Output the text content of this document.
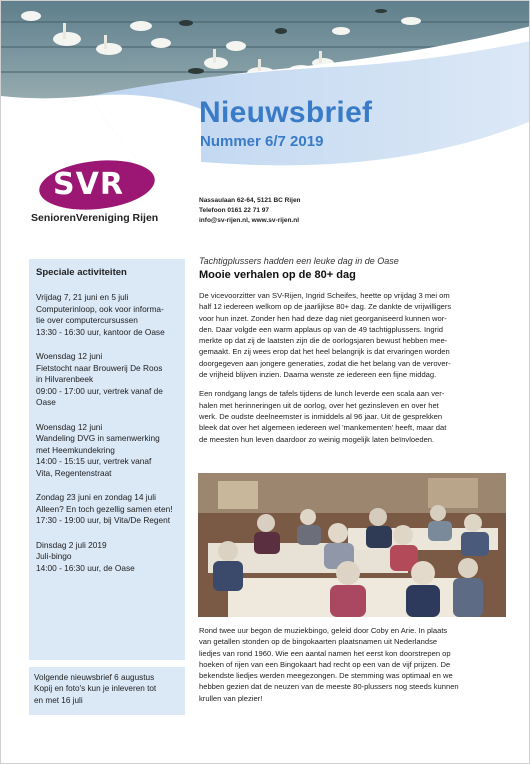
Nieuwsbrief
Nummer 6/7 2019
SVR
SeniorenVereniging Rijen
Nassaulaan 62-64, 5121 BC Rijen
Telefoon 0161 22 71 97
info@sv-rijen.nl, www.sv-rijen.nl
Speciale activiteiten
Vrijdag 7, 21 juni en 5 juli
Computerinloop, ook voor informa-
tie over computercursussen
13:30 - 16:30 uur, kantoor de Oase
Woensdag 12 juni
Fietstocht naar Brouwerij De Roos
in Hilvarenbeek
09:00 - 17:00 uur, vertrek vanaf de
Oase
Woensdag 12 juni
Wandeling DVG in samenwerking
met Heemkundekring
14:00 - 15:15 uur, vertrek vanaf
Vita, Regentenstraat
Zondag 23 juni en zondag 14 juli
Alleen? En toch gezellig samen eten!
17:30 - 19:00 uur, bij Vita/De Regent
Dinsdag 2 juli 2019
Juli-bingo
14:00 - 16:30 uur, de Oase
Volgende nieuwsbrief 6 augustus
Kopij en foto's kun je inleveren tot
en met 16 juli
Tachtigplussers hadden een leuke dag in de Oase
Mooie verhalen op de 80+ dag
De vicevoorzitter van SV-Rijen, Ingrid Scheifes, heette op vrijdag 3 mei om
half 12 iedereen welkom op de jaarlijkse 80+ dag. Ze dankte de vrijwilligers
voor hun inzet. Zonder hen had deze dag niet georganiseerd kunnen wor-
den. Daar volgde een warm applaus op van de 49 tachtigplussers. Ingrid
merkte op dat zij de laatsten zijn die de oorlogsjaren bewust hebben mee-
gemaakt. En zij wees erop dat het heel belangrijk is dat ervaringen worden
doorgegeven aan jongere generaties, zodat die het belang van de verover-
de vrijheid blijven inzien. Daarna wenste ze iedereen een fijne middag.
Een rondgang langs de tafels tijdens de lunch leverde een scala aan ver-
halen met herinneringen uit de oorlog, over het gezinsleven en over het
werk. De oudste deelneemster is inmiddels al 96 jaar. Uit de gesprekken
bleek dat over het algemeen iedereen wel 'mankementen' heeft, maar dat
de meesten hun leven daardoor zo weinig mogelijk laten beïnvloeden.
Rond twee uur begon de muziekbingo, geleid door Coby en Arie. In plaats
van getallen stonden op de bingokaarten plaatsnamen uit Nederlandse
liedjes van rond 1960. Wie een aantal namen het eerst kon doorstrepen op
hoeken of rijen van een Bingokaart had recht op een van de vijf prijzen. De
bekendste liedjes werden meegezongen. De stemming was optimaal en we
hebben gezien dat de neuzen van de meeste 80-plussers nog steeds kunnen
krullen van plezier!
